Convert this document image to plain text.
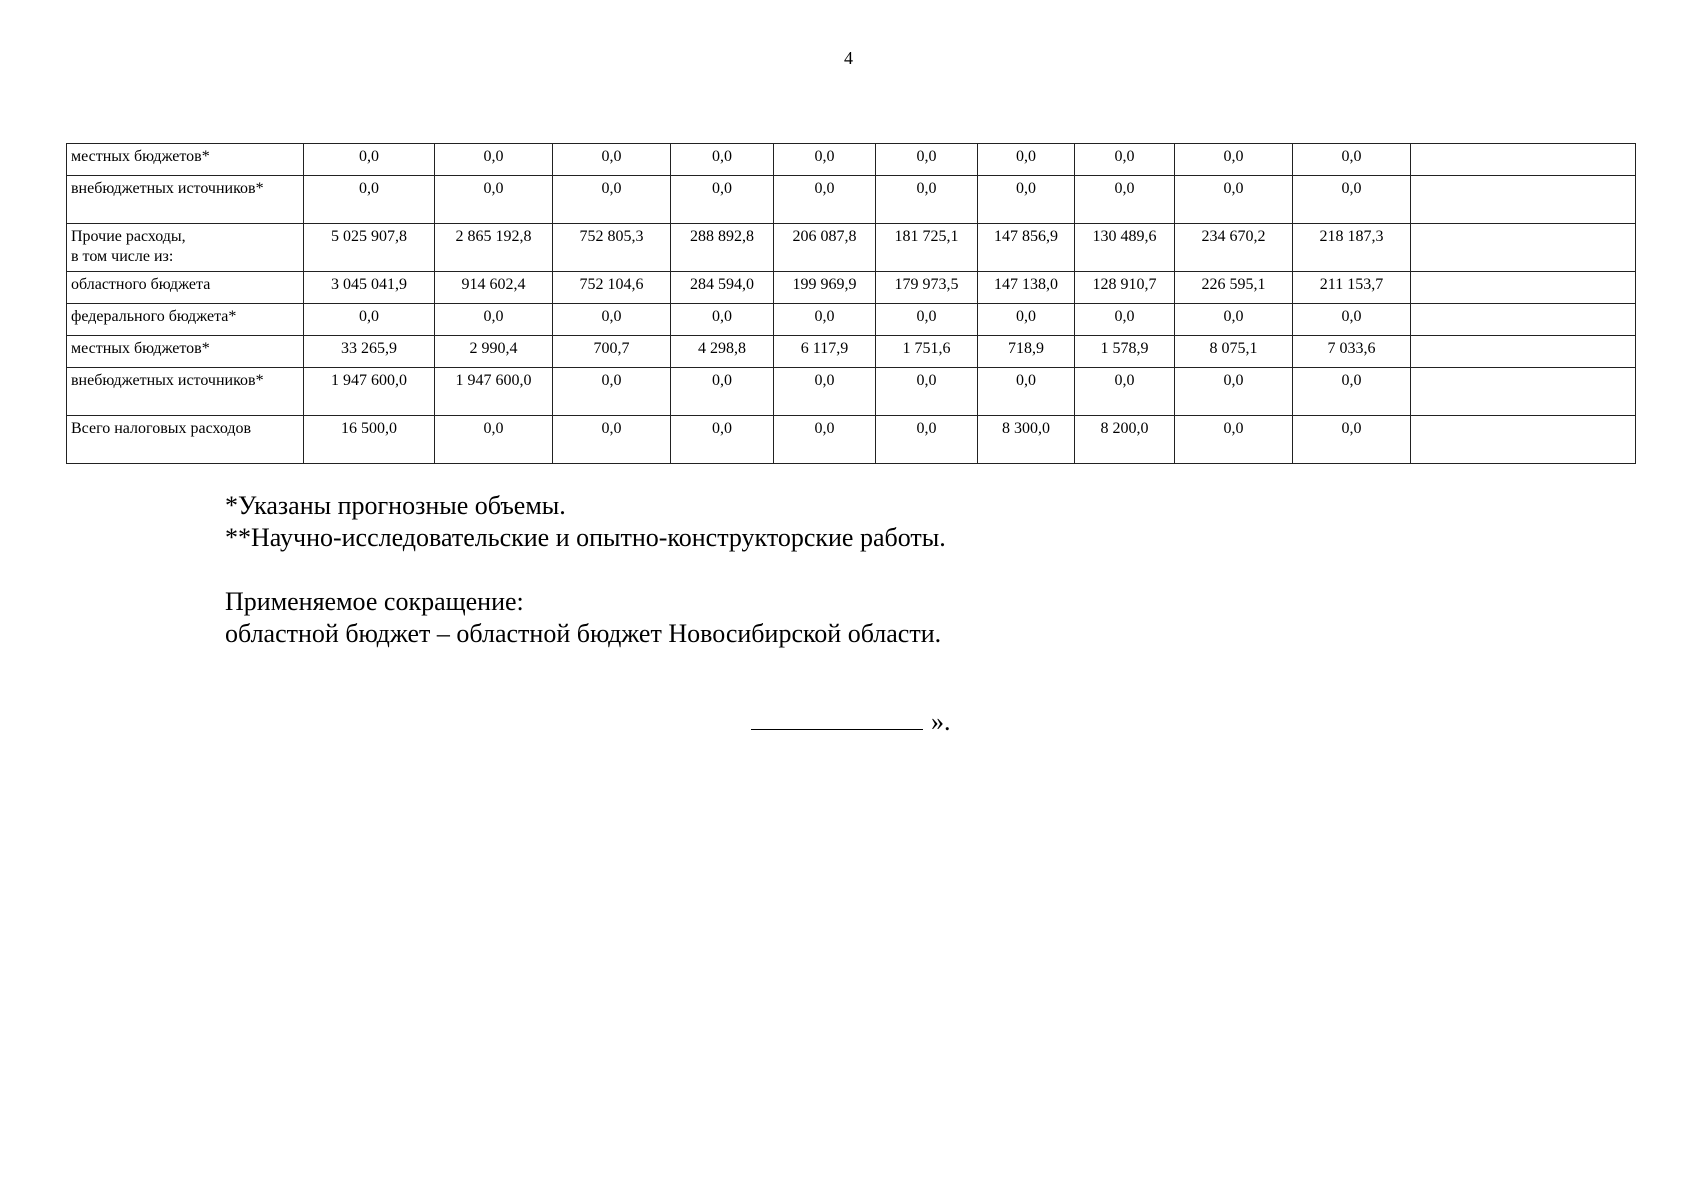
4
местных бюджетов*	0,0	0,0	0,0	0,0	0,0	0,0	0,0	0,0	0,0	0,0	
внебюджетных источников*	0,0	0,0	0,0	0,0	0,0	0,0	0,0	0,0	0,0	0,0	
Прочие расходы,
в том числе из:	5 025 907,8	2 865 192,8	752 805,3	288 892,8	206 087,8	181 725,1	147 856,9	130 489,6	234 670,2	218 187,3	
областного бюджета	3 045 041,9	914 602,4	752 104,6	284 594,0	199 969,9	179 973,5	147 138,0	128 910,7	226 595,1	211 153,7	
федерального бюджета*	0,0	0,0	0,0	0,0	0,0	0,0	0,0	0,0	0,0	0,0	
местных бюджетов*	33 265,9	2 990,4	700,7	4 298,8	6 117,9	1 751,6	718,9	1 578,9	8 075,1	7 033,6	
внебюджетных источников*	1 947 600,0	1 947 600,0	0,0	0,0	0,0	0,0	0,0	0,0	0,0	0,0	
Всего налоговых расходов	16 500,0	0,0	0,0	0,0	0,0	0,0	8 300,0	8 200,0	0,0	0,0	

*Указаны прогнозные объемы.

**Научно-исследовательские и опытно-конструкторские работы.

Применяемое сокращение:

областной бюджет – областной бюджет Новосибирской области.

».
